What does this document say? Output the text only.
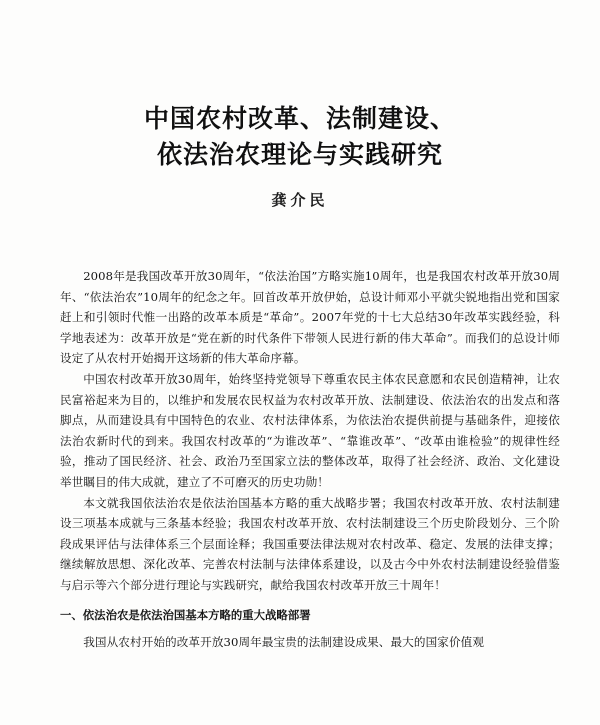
中国农村改革、法制建设、
依法治农理论与实践研究
龚介民

2008年是我国改革开放30周年，“依法治国”方略实施10周年，也是我国农村改革开放30周年、“依法治农”10周年的纪念之年。回首改革开放伊始，总设计师邓小平就尖锐地指出党和国家赶上和引领时代惟一出路的改革本质是“革命”。2007年党的十七大总结30年改革实践经验，科学地表述为：改革开放是“党在新的时代条件下带领人民进行新的伟大革命”。而我们的总设计师设定了从农村开始揭开这场新的伟大革命序幕。

中国农村改革开放30周年，始终坚持党领导下尊重农民主体农民意愿和农民创造精神，让农民富裕起来为目的，以维护和发展农民权益为农村改革开放、法制建设、依法治农的出发点和落脚点，从而建设具有中国特色的农业、农村法律体系，为依法治农提供前提与基础条件，迎接依法治农新时代的到来。我国农村改革的“为谁改革”、“靠谁改革”、“改革由谁检验”的规律性经验，推动了国民经济、社会、政治乃至国家立法的整体改革，取得了社会经济、政治、文化建设举世瞩目的伟大成就，建立了不可磨灭的历史功勋！

本文就我国依法治农是依法治国基本方略的重大战略步署；我国农村改革开放、农村法制建设三项基本成就与三条基本经验；我国农村改革开放、农村法制建设三个历史阶段划分、三个阶段成果评估与法律体系三个层面诠释；我国重要法律法规对农村改革、稳定、发展的法律支撑；继续解放思想、深化改革、完善农村法制与法律体系建设，以及古今中外农村法制建设经验借鉴与启示等六个部分进行理论与实践研究，献给我国农村改革开放三十周年！

一、依法治农是依法治国基本方略的重大战略部署

我国从农村开始的改革开放30周年最宝贵的法制建设成果、最大的国家价值观
